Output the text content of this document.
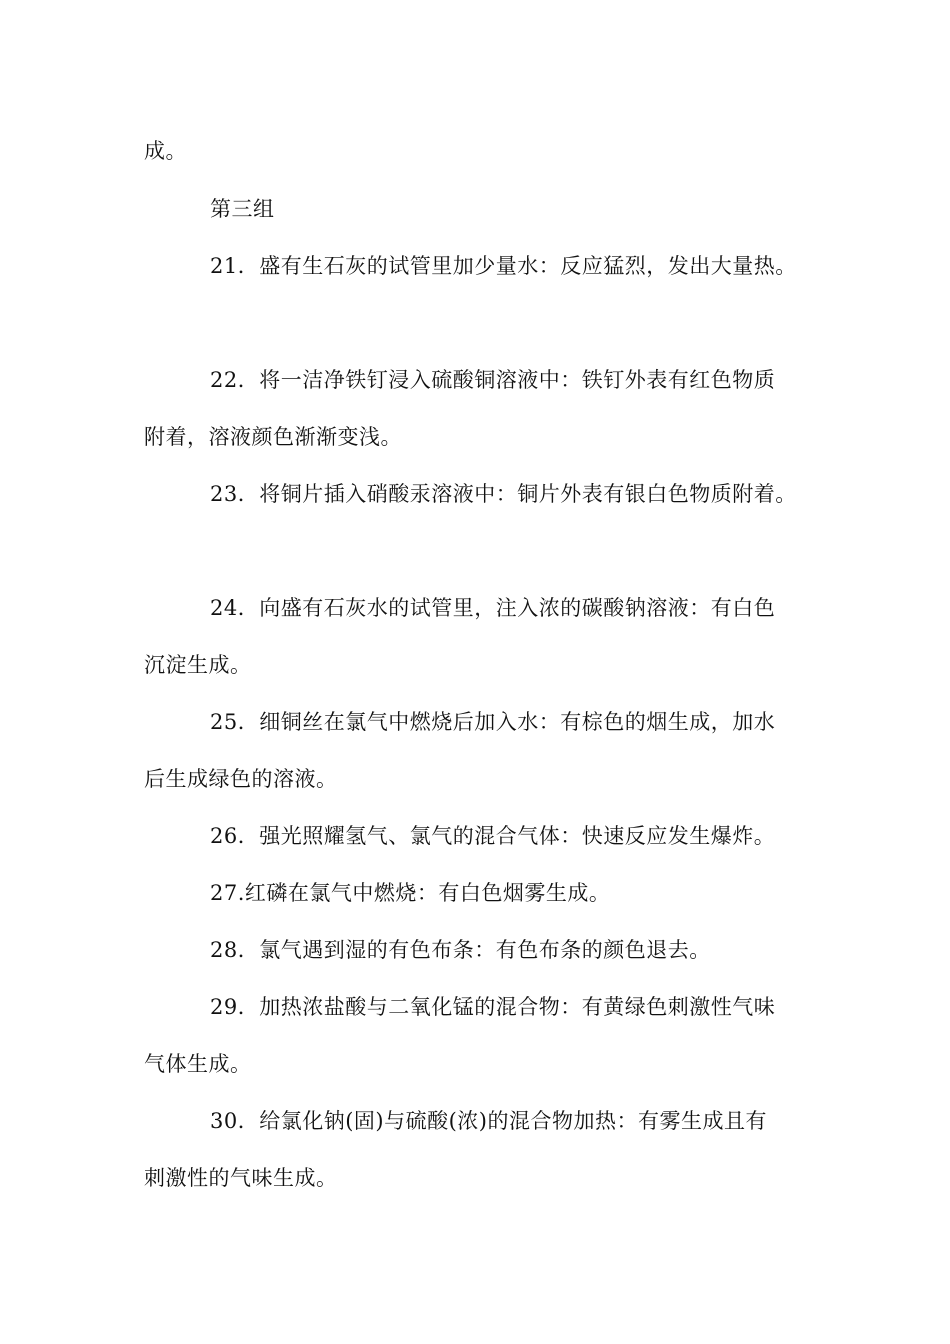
成。
第三组
21．盛有生石灰的试管里加少量水：反应猛烈，发出大量热。
22．将一洁净铁钉浸入硫酸铜溶液中：铁钉外表有红色物质
附着，溶液颜色渐渐变浅。
23．将铜片插入硝酸汞溶液中：铜片外表有银白色物质附着。
24．向盛有石灰水的试管里，注入浓的碳酸钠溶液：有白色
沉淀生成。
25．细铜丝在氯气中燃烧后加入水：有棕色的烟生成，加水
后生成绿色的溶液。
26．强光照耀氢气、氯气的混合气体：快速反应发生爆炸。
27.红磷在氯气中燃烧：有白色烟雾生成。
28．氯气遇到湿的有色布条：有色布条的颜色退去。
29．加热浓盐酸与二氧化锰的混合物：有黄绿色刺激性气味
气体生成。
30．给氯化钠(固)与硫酸(浓)的混合物加热：有雾生成且有
刺激性的气味生成。
